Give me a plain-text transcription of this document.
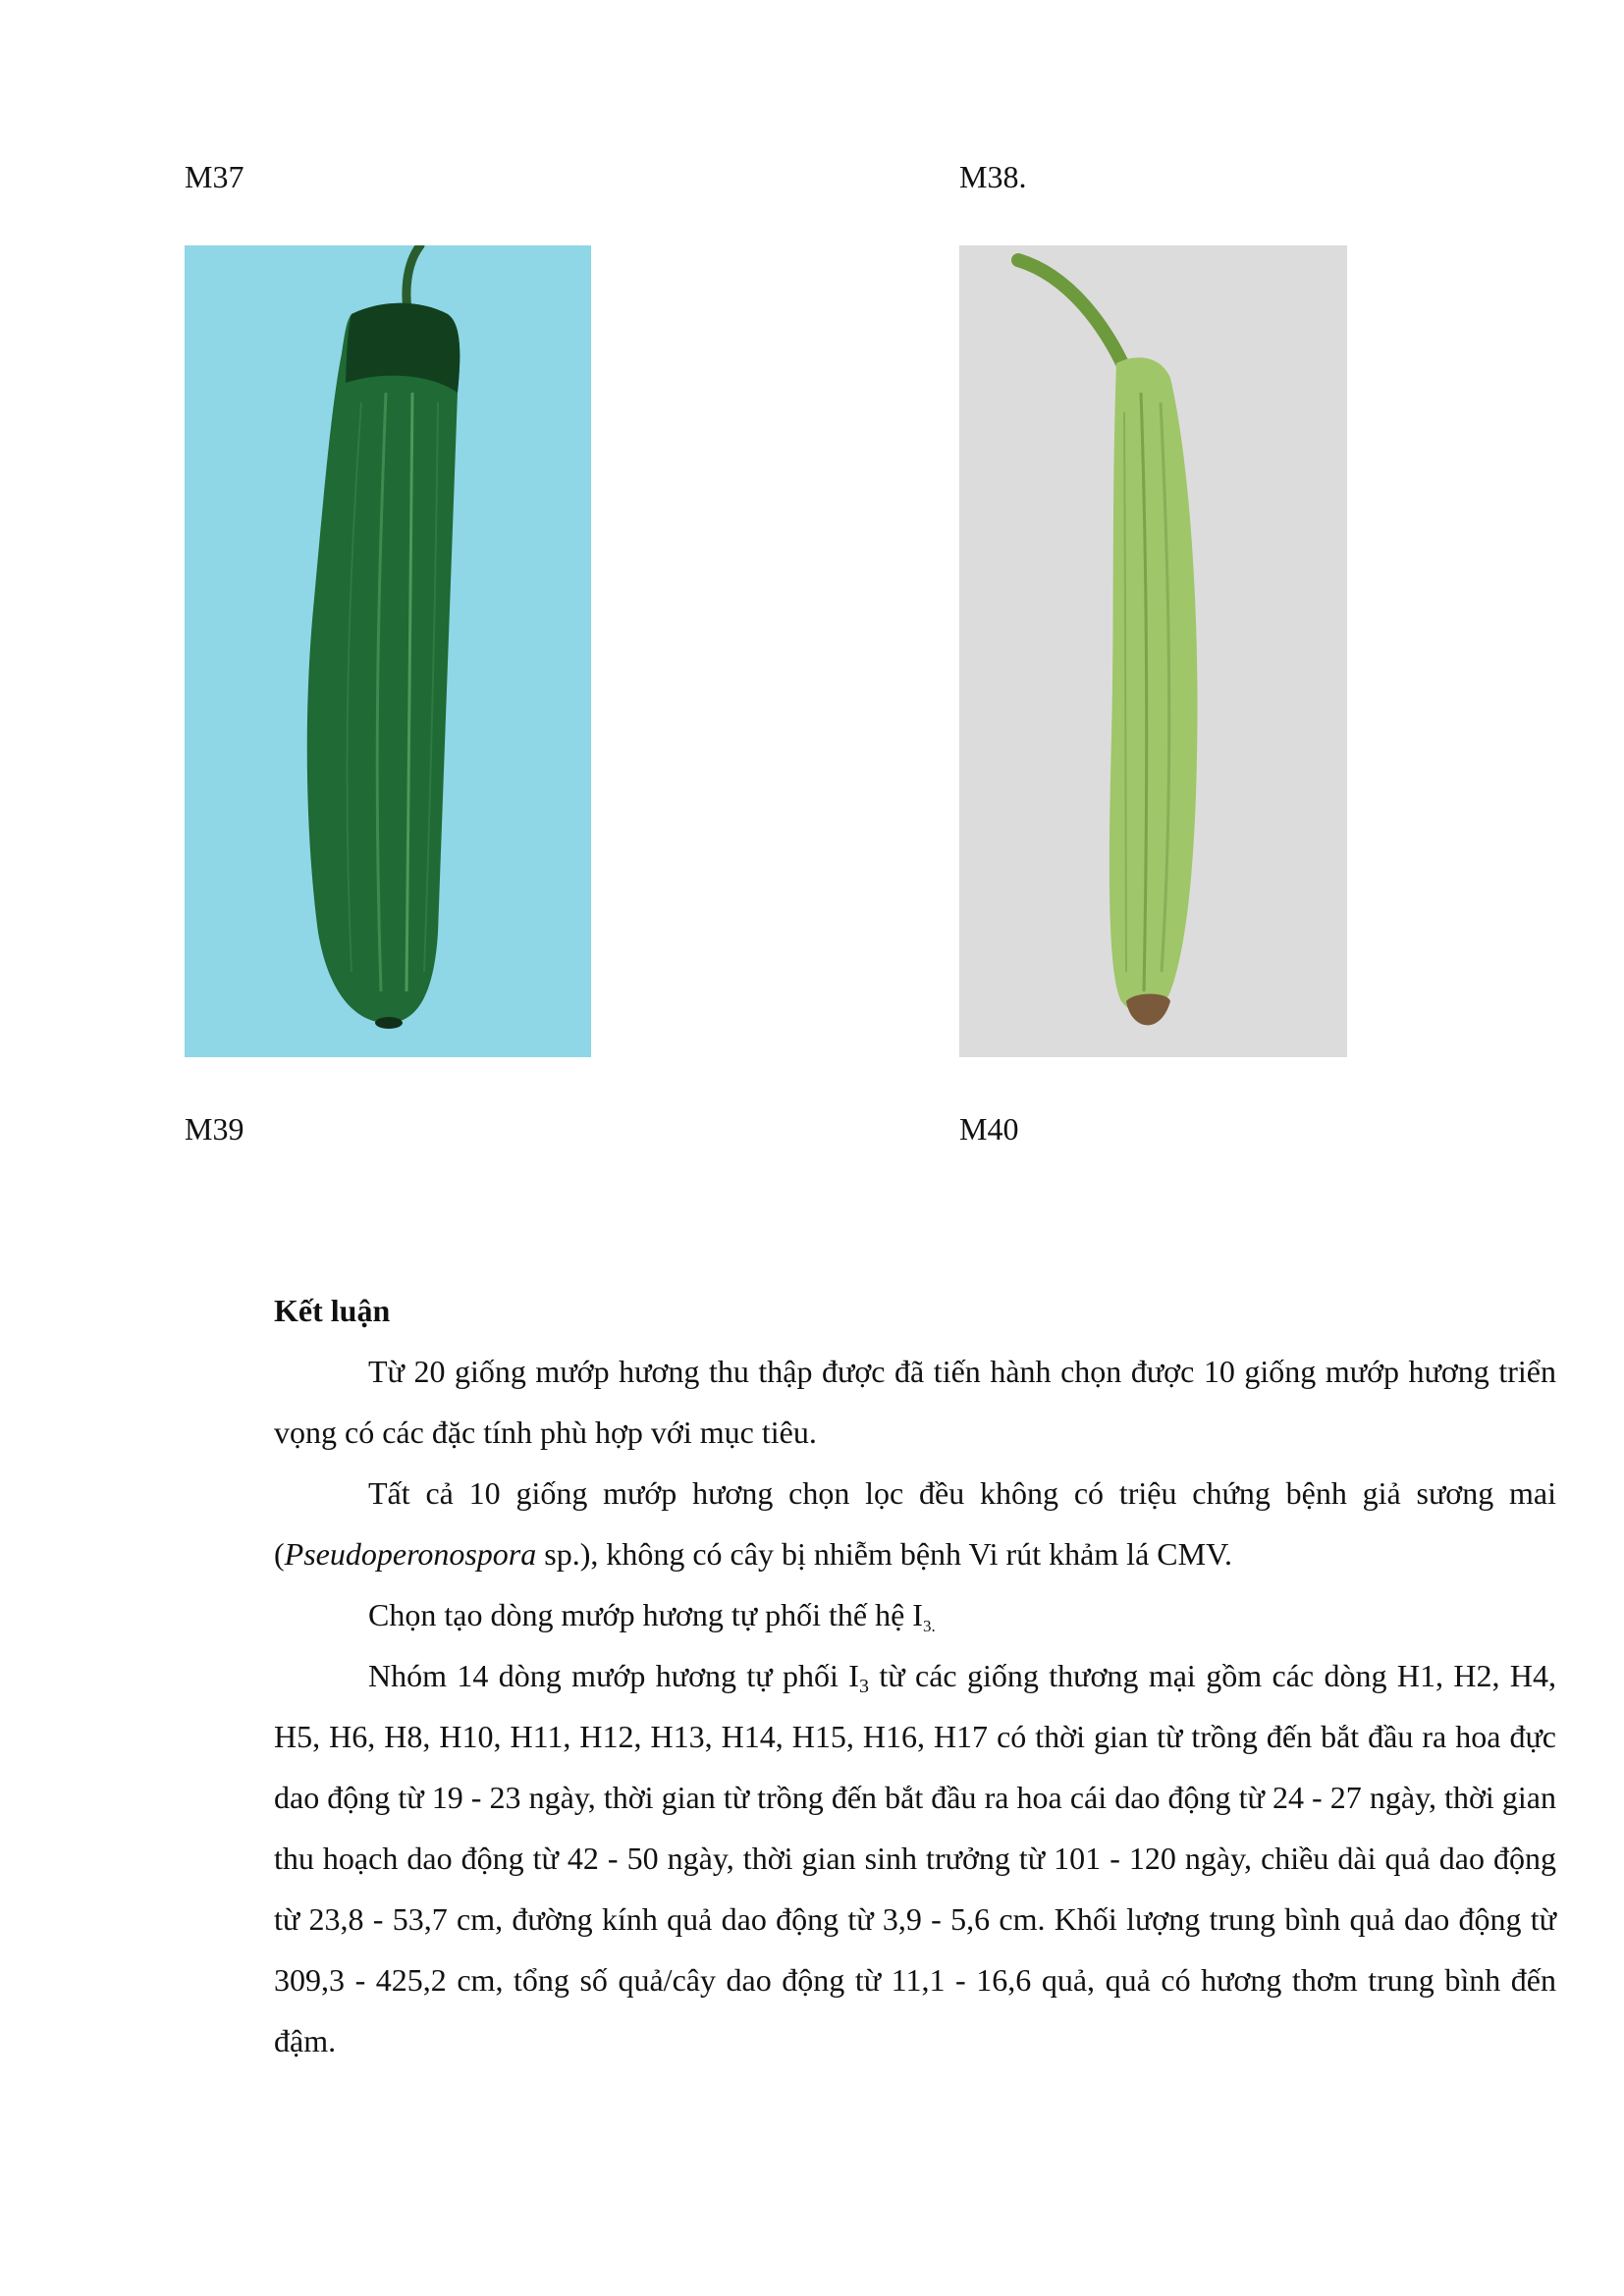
M37	M38.
M39	M40

Kết luận

Từ 20 giống mướp hương thu thập được đã tiến hành chọn được 10 giống mướp hương triển vọng có các đặc tính phù hợp với mục tiêu.

Tất cả 10 giống mướp hương chọn lọc đều không có triệu chứng bệnh giả sương mai (Pseudoperonospora sp.), không có cây bị nhiễm bệnh Vi rút khảm lá CMV.

Chọn tạo dòng mướp hương tự phối thế hệ I3.

Nhóm 14 dòng mướp hương tự phối $I_3$ từ các giống thương mại gồm các dòng H1, H2, H4, H5, H6, H8, H10, H11, H12, H13, H14, H15, H16, H17 có thời gian từ trồng đến bắt đầu ra hoa đực dao động từ 19 - 23 ngày, thời gian từ trồng đến bắt đầu ra hoa cái dao động từ 24 - 27 ngày, thời gian thu hoạch dao động từ 42 - 50 ngày, thời gian sinh trưởng từ 101 - 120 ngày, chiều dài quả dao động từ 23,8 - 53,7 cm, đường kính quả dao động từ 3,9 - 5,6 cm. Khối lượng trung bình quả dao động từ 309,3 - 425,2 cm, tổng số quả/cây dao động từ 11,1 - 16,6 quả, quả có hương thơm trung bình đến đậm.
